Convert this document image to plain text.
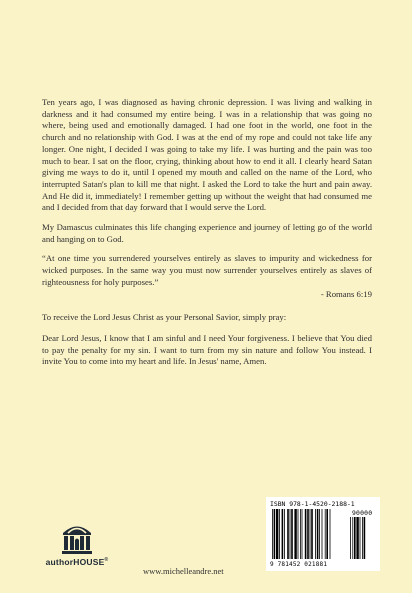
Ten years ago, I was diagnosed as having chronic depression. I was living and walking in darkness and it had consumed my entire being. I was in a relationship that was going no where, being used and emotionally damaged. I had one foot in the world, one foot in the church and no relationship with God. I was at the end of my rope and could not take life any longer. One night, I decided I was going to take my life. I was hurting and the pain was too much to bear. I sat on the floor, crying, thinking about how to end it all. I clearly heard Satan giving me ways to do it, until I opened my mouth and called on the name of the Lord, who interrupted Satan's plan to kill me that night. I asked the Lord to take the hurt and pain away. And He did it, immediately! I remember getting up without the weight that had consumed me and I decided from that day forward that I would serve the Lord.

My Damascus culminates this life changing experience and journey of letting go of the world and hanging on to God.

“At one time you surrendered yourselves entirely as slaves to impurity and wickedness for wicked purposes. In the same way you must now surrender yourselves entirely as slaves of righteousness for holy purposes.”

- Romans 6:19

To receive the Lord Jesus Christ as your Personal Savior, simply pray:

Dear Lord Jesus, I know that I am sinful and I need Your forgiveness. I believe that You died to pay the penalty for my sin. I want to turn from my sin nature and follow You instead. I invite You to come into my heart and life. In Jesus' name, Amen.

authorHOUSE®
www.michelleandre.net
ISBN 978-1-4520-2188-1
9 781452 021881
90000
